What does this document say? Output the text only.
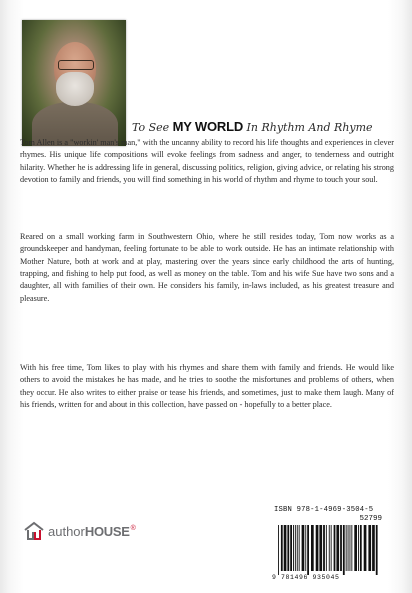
To See MY WORLD In Rhythm And Rhyme

Tom Allen is a "workin' man's man," with the uncanny ability to record his life thoughts and experiences in clever rhymes. His unique life compositions will evoke feelings from sadness and anger, to tenderness and outright hilarity. Whether he is addressing life in general, discussing politics, religion, giving advice, or relating his strong devotion to family and friends, you will find something in his world of rhythm and rhyme to touch your soul.

Reared on a small working farm in Southwestern Ohio, where he still resides today, Tom now works as a groundskeeper and handyman, feeling fortunate to be able to work outside. He has an intimate relationship with Mother Nature, both at work and at play, mastering over the years since early childhood the arts of hunting, trapping, and fishing to help put food, as well as money on the table. Tom and his wife Sue have two sons and a daughter, all with families of their own. He considers his family, in-laws included, as his greatest treasure and pleasure.

With his free time, Tom likes to play with his rhymes and share them with family and friends. He would like others to avoid the mistakes he has made, and he tries to soothe the misfortunes and problems of others, when they occur. He also writes to either praise or tease his friends, and sometimes, just to make them laugh. Many of his friends, written for and about in this collection, have passed on - hopefully to a better place.

authorHOUSE®
ISBN 978-1-4969-3504-5
52799
9 781496 935045
